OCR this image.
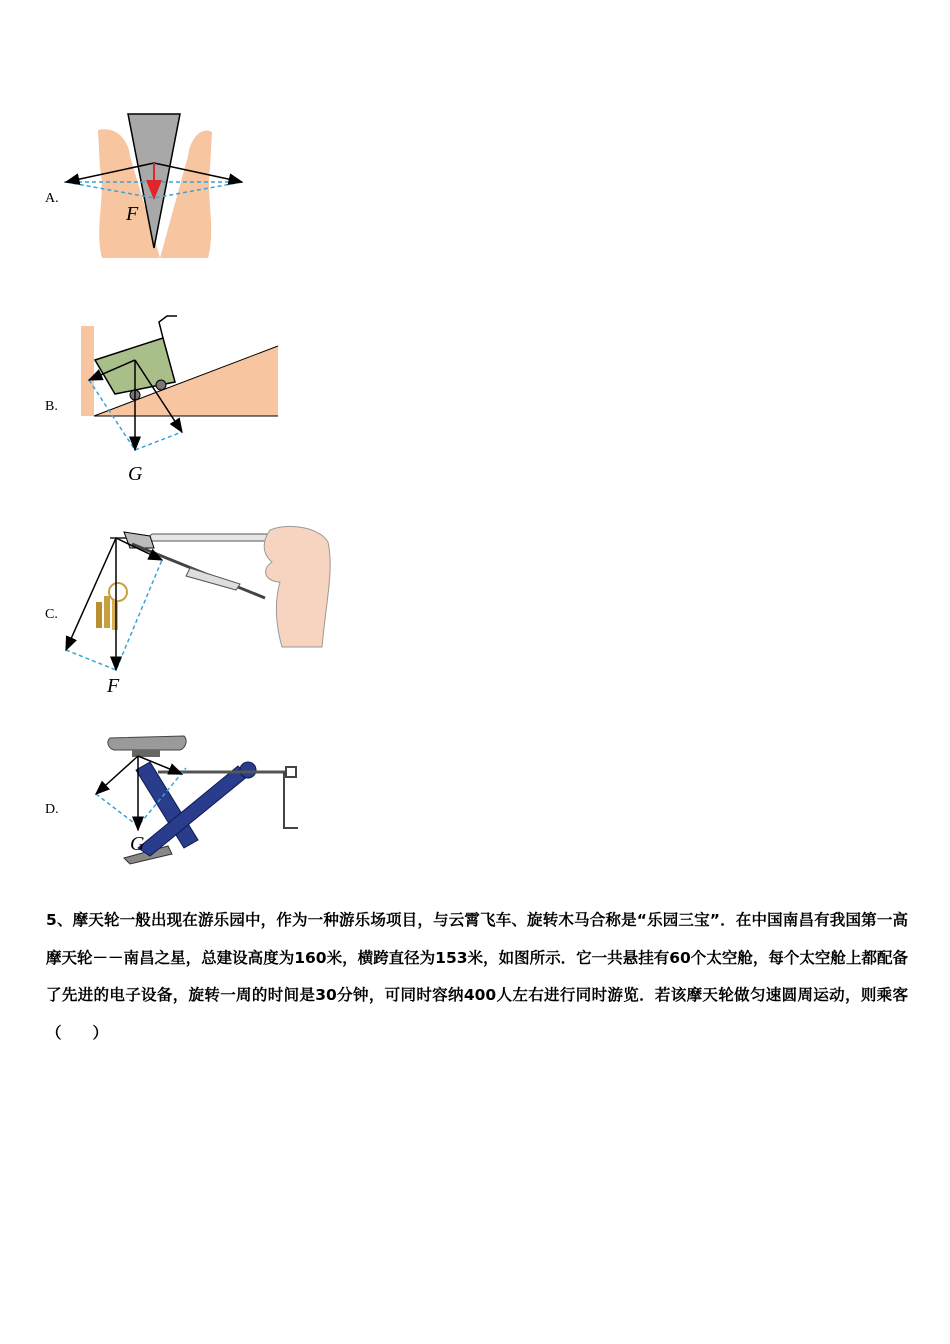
A.
F
B.
G
C.
F
D.
G
5、摩天轮一般出现在游乐园中，作为一种游乐场项目，与云霄飞车、旋转木马合称是“乐园三宝”．在中国南昌有我国第一高摩天轮－－南昌之星，总建设高度为160米，横跨直径为153米，如图所示．它一共悬挂有60个太空舱，每个太空舱上都配备了先进的电子设备，旋转一周的时间是30分钟，可同时容纳400人左右进行同时游览．若该摩天轮做匀速圆周运动，则乘客（　　）
